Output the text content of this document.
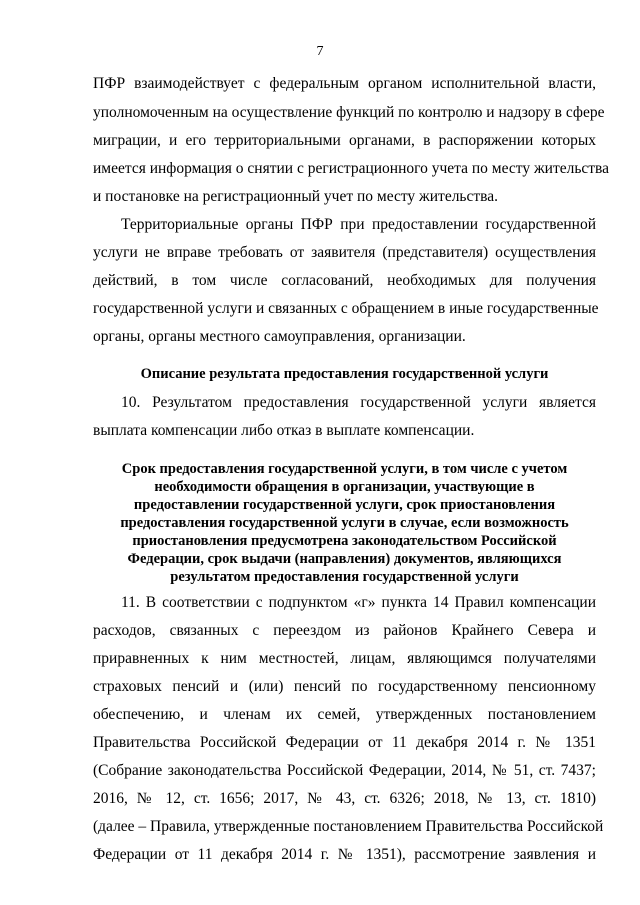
7
ПФР взаимодействует с федеральным органом исполнительной власти,
уполномоченным на осуществление функций по контролю и надзору в сфере
миграции, и его территориальными органами, в распоряжении которых
имеется информация о снятии с регистрационного учета по месту жительства
и постановке на регистрационный учет по месту жительства.
Территориальные органы ПФР при предоставлении государственной
услуги не вправе требовать от заявителя (представителя) осуществления
действий, в том числе согласований, необходимых для получения
государственной услуги и связанных с обращением в иные государственные
органы, органы местного самоуправления, организации.
Описание результата предоставления государственной услуги
10. Результатом предоставления государственной услуги является
выплата компенсации либо отказ в выплате компенсации.
Срок предоставления государственной услуги, в том числе с учетом
необходимости обращения в организации, участвующие в
предоставлении государственной услуги, срок приостановления
предоставления государственной услуги в случае, если возможность
приостановления предусмотрена законодательством Российской
Федерации, срок выдачи (направления) документов, являющихся
результатом предоставления государственной услуги
11. В соответствии с подпунктом «г» пункта 14 Правил компенсации
расходов, связанных с переездом из районов Крайнего Севера и
приравненных к ним местностей, лицам, являющимся получателями
страховых пенсий и (или) пенсий по государственному пенсионному
обеспечению, и членам их семей, утвержденных постановлением
Правительства Российской Федерации от 11 декабря 2014 г. № 1351
(Собрание законодательства Российской Федерации, 2014, № 51, ст. 7437;
2016, № 12, ст. 1656; 2017, № 43, ст. 6326; 2018, № 13, ст. 1810)
(далее – Правила, утвержденные постановлением Правительства Российской
Федерации от 11 декабря 2014 г. № 1351), рассмотрение заявления и
